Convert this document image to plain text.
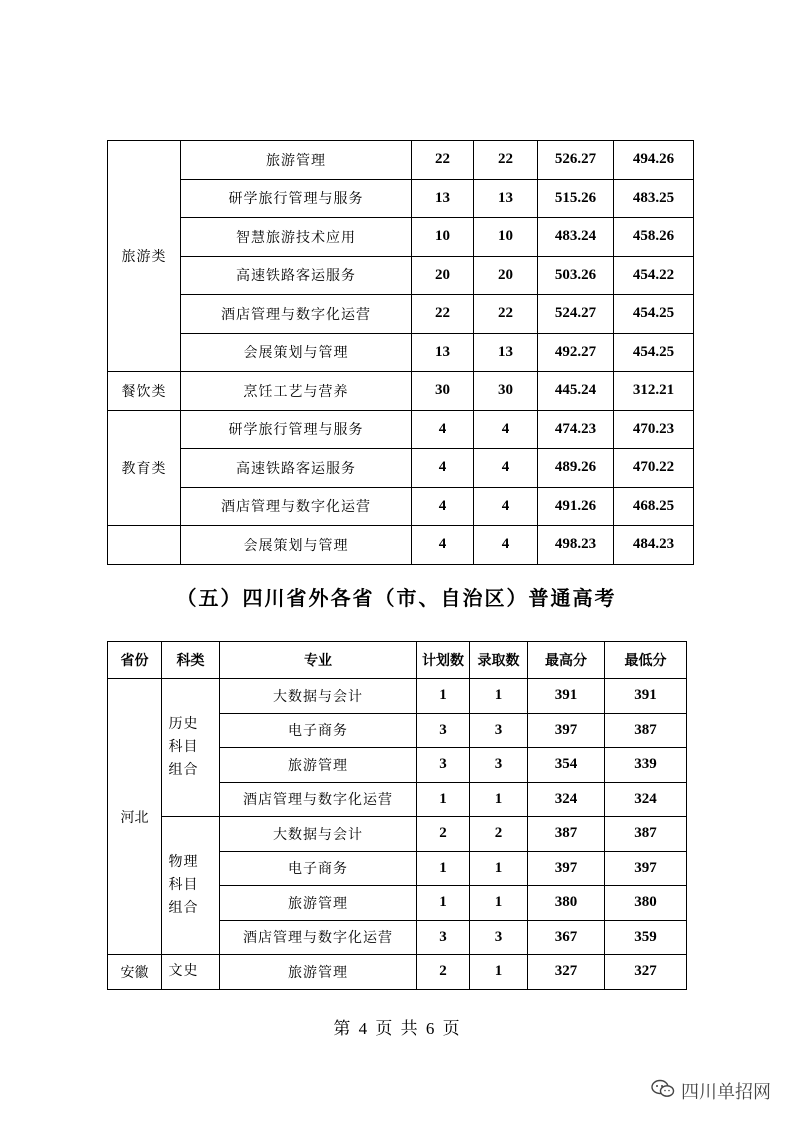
旅游类	旅游管理	22	22	526.27	494.26
	研学旅行管理与服务	13	13	515.26	483.25
	智慧旅游技术应用	10	10	483.24	458.26
	高速铁路客运服务	20	20	503.26	454.22
	酒店管理与数字化运营	22	22	524.27	454.25
	会展策划与管理	13	13	492.27	454.25
餐饮类	烹饪工艺与营养	30	30	445.24	312.21
教育类	研学旅行管理与服务	4	4	474.23	470.23
	高速铁路客运服务	4	4	489.26	470.22
	酒店管理与数字化运营	4	4	491.26	468.25
	会展策划与管理	4	4	498.23	484.23
（五）四川省外各省（市、自治区）普通高考
省份	科类	专业	计划数	录取数	最高分	最低分
河北	历史科目组合	大数据与会计	1	1	391	391
		电子商务	3	3	397	387
		旅游管理	3	3	354	339
		酒店管理与数字化运营	1	1	324	324

	物理科目组合	大数据与会计	2	2	387	387
		电子商务	1	1	397	397
		旅游管理	1	1	380	380
		酒店管理与数字化运营	3	3	367	359
安徽	文史	旅游管理	2	1	327	327
第 4 页 共 6 页
四川单招网
